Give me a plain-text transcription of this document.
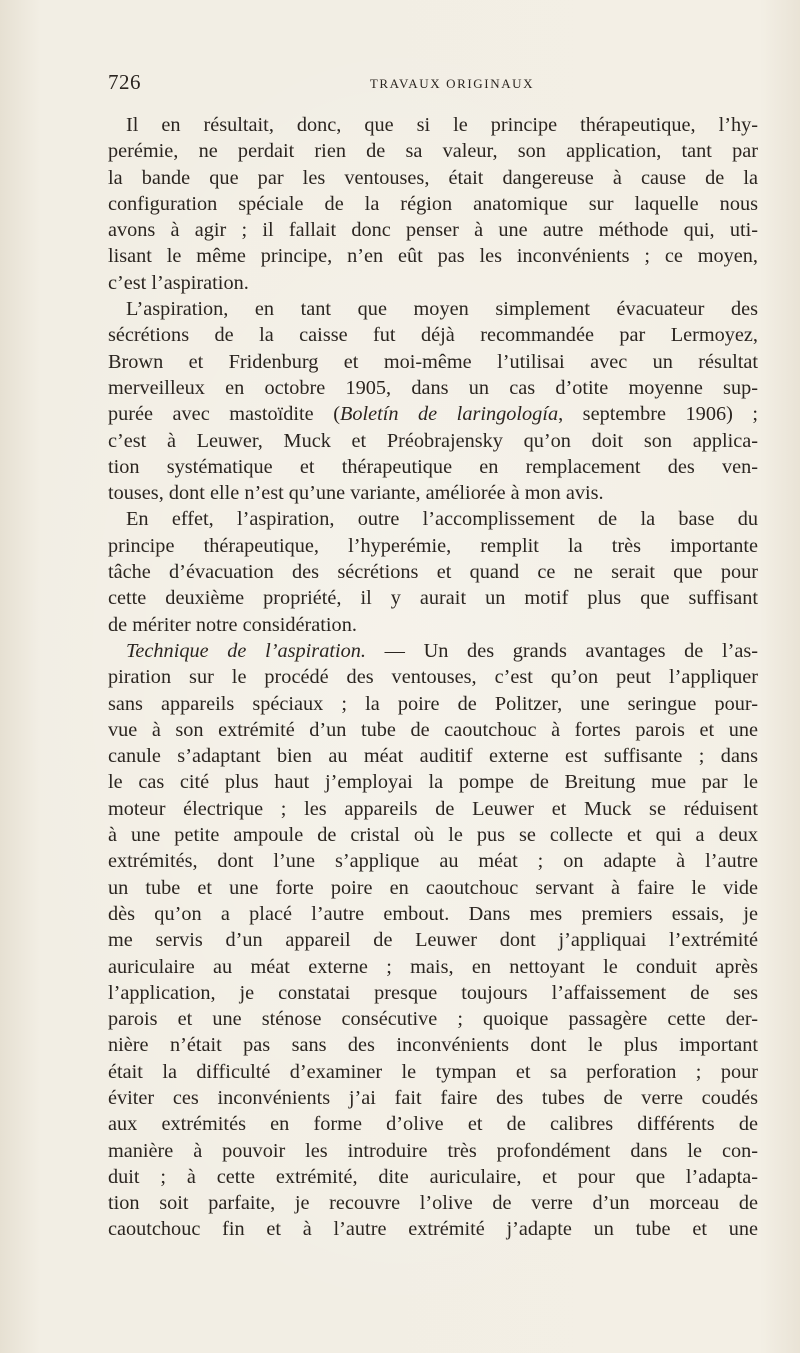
726	TRAVAUX ORIGINAUX
Il en résultait, donc, que si le principe thérapeutique, l’hy-
perémie, ne perdait rien de sa valeur, son application, tant par
la bande que par les ventouses, était dangereuse à cause de la
configuration spéciale de la région anatomique sur laquelle nous
avons à agir ; il fallait donc penser à une autre méthode qui, uti-
lisant le même principe, n’en eût pas les inconvénients ; ce moyen,
c’est l’aspiration.
L’aspiration, en tant que moyen simplement évacuateur des
sécrétions de la caisse fut déjà recommandée par Lermoyez,
Brown et Fridenburg et moi-même l’utilisai avec un résultat
merveilleux en octobre 1905, dans un cas d’otite moyenne sup-
purée avec mastoïdite (Boletín de laringología, septembre 1906) ;
c’est à Leuwer, Muck et Préobrajensky qu’on doit son applica-
tion systématique et thérapeutique en remplacement des ven-
touses, dont elle n’est qu’une variante, améliorée à mon avis.
En effet, l’aspiration, outre l’accomplissement de la base du
principe thérapeutique, l’hyperémie, remplit la très importante
tâche d’évacuation des sécrétions et quand ce ne serait que pour
cette deuxième propriété, il y aurait un motif plus que suffisant
de mériter notre considération.
Technique de l’aspiration. — Un des grands avantages de l’as-
piration sur le procédé des ventouses, c’est qu’on peut l’appliquer
sans appareils spéciaux ; la poire de Politzer, une seringue pour-
vue à son extrémité d’un tube de caoutchouc à fortes parois et une
canule s’adaptant bien au méat auditif externe est suffisante ; dans
le cas cité plus haut j’employai la pompe de Breitung mue par le
moteur électrique ; les appareils de Leuwer et Muck se réduisent
à une petite ampoule de cristal où le pus se collecte et qui a deux
extrémités, dont l’une s’applique au méat ; on adapte à l’autre
un tube et une forte poire en caoutchouc servant à faire le vide
dès qu’on a placé l’autre embout. Dans mes premiers essais, je
me servis d’un appareil de Leuwer dont j’appliquai l’extrémité
auriculaire au méat externe ; mais, en nettoyant le conduit après
l’application, je constatai presque toujours l’affaissement de ses
parois et une sténose consécutive ; quoique passagère cette der-
nière n’était pas sans des inconvénients dont le plus important
était la difficulté d’examiner le tympan et sa perforation ; pour
éviter ces inconvénients j’ai fait faire des tubes de verre coudés
aux extrémités en forme d’olive et de calibres différents de
manière à pouvoir les introduire très profondément dans le con-
duit ; à cette extrémité, dite auriculaire, et pour que l’adapta-
tion soit parfaite, je recouvre l’olive de verre d’un morceau de
caoutchouc fin et à l’autre extrémité j’adapte un tube et une
